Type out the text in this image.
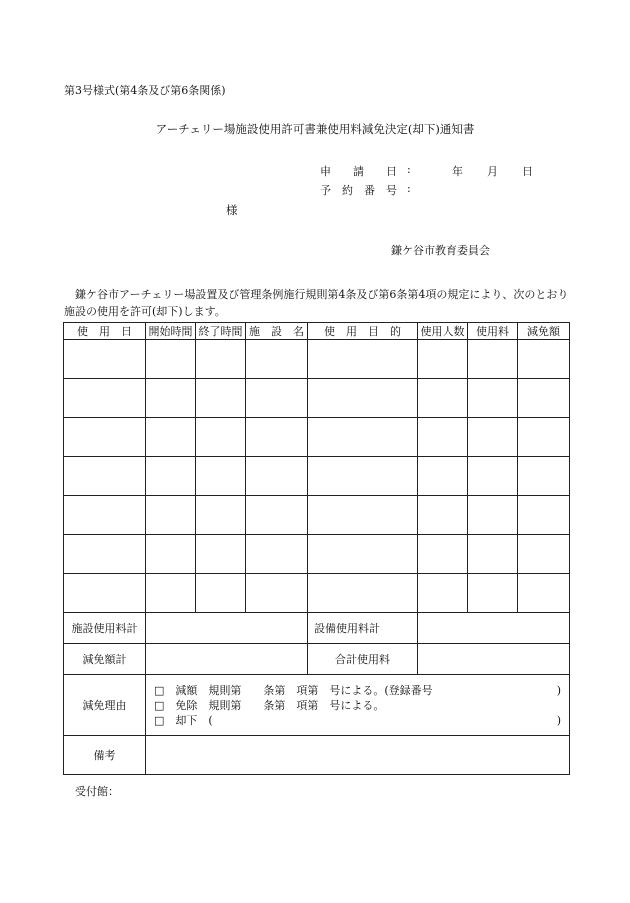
第3号様式(第4条及び第6条関係)
アーチェリー場施設使用許可書兼使用料減免決定(却下)通知書
申　　請　　日 :	年 月 日
予　約　番　号 :
様
鎌ケ谷市教育委員会
鎌ケ谷市アーチェリー場設置及び管理条例施行規則第4条及び第6条第4項の規定により、次のとおり施設の使用を許可(却下)します。
使　用　日	開始時間	終了時間	施　設　名	使　用　目　的	使用人数	使用料	減免額

施設使用料計				設備使用料計			
減免額計				合計使用料			
減免理由	□　減額　規則第　　条第　項第　号による。(登録番号 )
□　免除　規則第　　条第　項第　号による。
□　却下　( )						

備考							
受付館：
